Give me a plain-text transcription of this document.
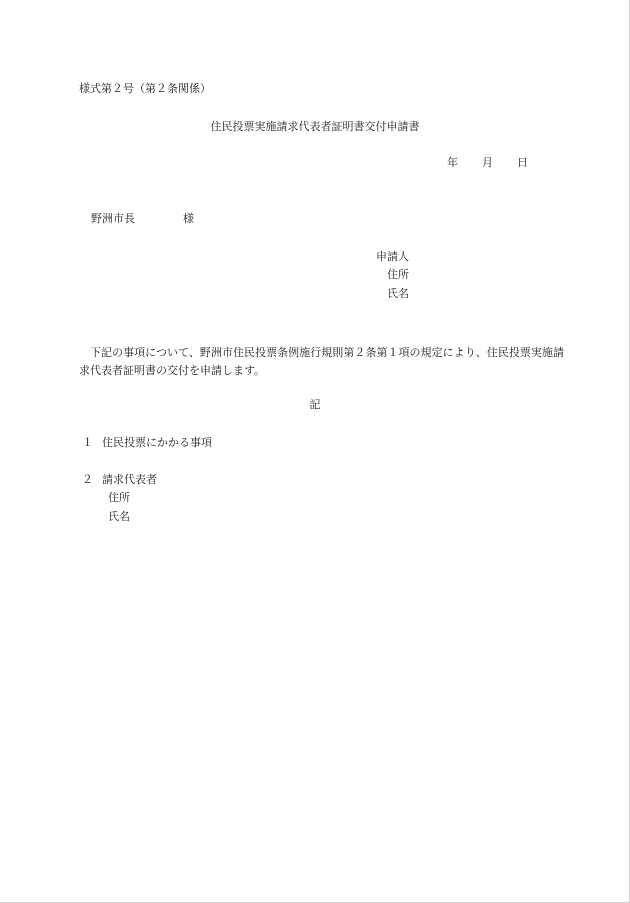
様式第２号（第２条関係）
住民投票実施請求代表者証明書交付申請書
年 月 日
野洲市長	様
申請人
住所
氏名
下記の事項について、野洲市住民投票条例施行規則第２条第１項の規定により、住民投票実施請求代表者証明書の交付を申請します。
記
１ 住民投票にかかる事項
２ 請求代表者
住所
氏名
